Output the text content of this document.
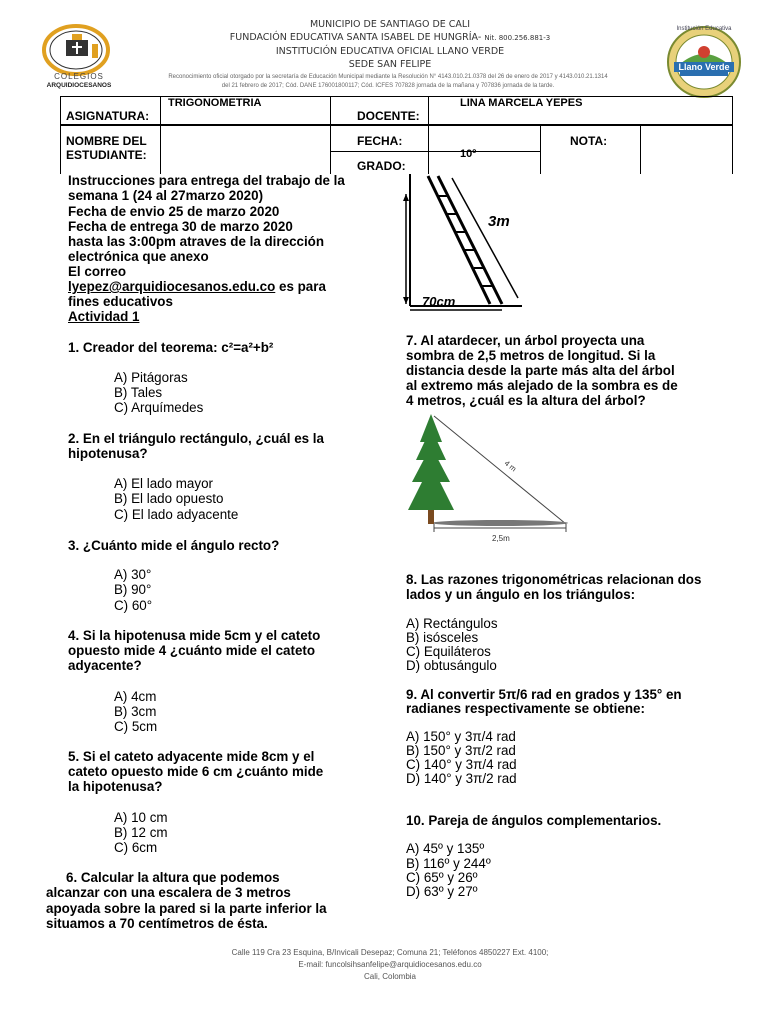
COLEGIOS
ARQUIDIOCESANOS
MUNICIPIO DE SANTIAGO DE CALI
FUNDACIÓN EDUCATIVA SANTA ISABEL DE HUNGRÍA- Nit. 800.256.881-3
INSTITUCIÓN EDUCATIVA OFICIAL LLANO VERDE
SEDE SAN FELIPE
Reconocimiento oficial otorgado por la secretaría de Educación Municipal mediante la Resolución N° 4143.010.21.0378 del 26 de enero de 2017 y 4143.010.21.1314
del 21 febrero de 2017; Cód. DANE 176001800117; Cód. ICFES 707828 jornada de la mañana y 707836 jornada de la tarde.
Institución Educativa
Llano Verde
ASIGNATURA:
TRIGONOMETRIA
DOCENTE:
LINA MARCELA YEPES
NOMBRE DEL
ESTUDIANTE:
FECHA:	NOTA:
GRADO:
10º
Instrucciones para entrega del trabajo de la
semana 1 (24 al 27marzo 2020)
Fecha de envio 25 de marzo 2020
Fecha de entrega 30 de marzo 2020
hasta las 3:00pm atraves de la dirección
electrónica que anexo
El correo
lyepez@arquidiocesanos.edu.co es para
fines educativos
Actividad 1
1. Creador del teorema: c²=a²+b²
A) Pitágoras
B) Tales
C) Arquímedes
2. En el triángulo rectángulo, ¿cuál es la
hipotenusa?
A) El lado mayor
B) El lado opuesto
C) El lado adyacente
3. ¿Cuánto mide el ángulo recto?
A) 30°
B) 90°
C) 60°
4. Si la hipotenusa mide 5cm y el cateto
opuesto mide 4 ¿cuánto mide el cateto
adyacente?
A) 4cm
B) 3cm
C) 5cm
5. Si el cateto adyacente mide 8cm y el
cateto opuesto mide 6 cm ¿cuánto mide
la hipotenusa?
A) 10 cm
B) 12 cm
C) 6cm
6. Calcular la altura que podemos
alcanzar con una escalera de 3 metros
apoyada sobre la pared si la parte inferior la
situamos a 70 centímetros de ésta.
3m
70cm
7. Al atardecer, un árbol proyecta una
sombra de 2,5 metros de longitud. Si la
distancia desde la parte más alta del árbol
al extremo más alejado de la sombra es de
4 metros, ¿cuál es la altura del árbol?
4 m
2,5m
8. Las razones trigonométricas relacionan dos
lados y un ángulo en los triángulos:
A) Rectángulos
B) isósceles
C) Equiláteros
D) obtusángulo
9. Al convertir 5π/6 rad en grados y 135° en
radianes respectivamente se obtiene:
A) 150° y 3π/4 rad
B) 150° y 3π/2 rad
C) 140° y 3π/4 rad
D) 140° y 3π/2 rad
10. Pareja de ángulos complementarios.
A) 45º y 135º
B) 116º y 244º
C) 65º y 26º
D) 63º y 27º
Calle 119 Cra 23 Esquina, B/Invicali Desepaz; Comuna 21; Teléfonos 4850227 Ext. 4100;
E-mail: funcolsihsanfelipe@arquidiocesanos.edu.co
Cali, Colombia
